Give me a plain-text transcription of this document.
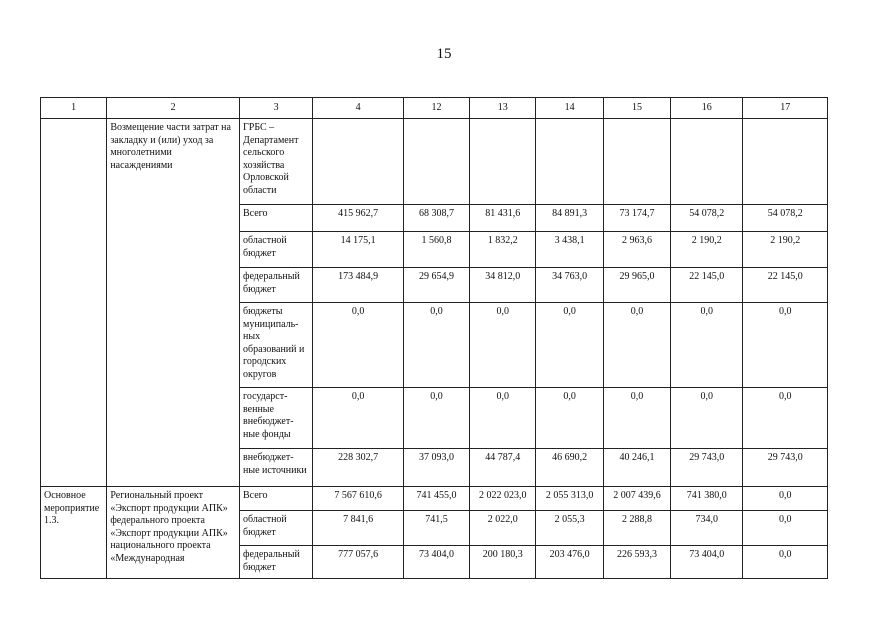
15
1	2	3	4	12	13	14	15	16	17
	Возмещение части затрат на закладку и (или) уход за многолетними насаждениями	ГРБС – Департамент сельского хозяйства Орловской области							
		Всего	415 962,7	68 308,7	81 431,6	84 891,3	73 174,7	54 078,2	54 078,2
		областной бюджет	14 175,1	1 560,8	1 832,2	3 438,1	2 963,6	2 190,2	2 190,2
		федеральный бюджет	173 484,9	29 654,9	34 812,0	34 763,0	29 965,0	22 145,0	22 145,0
		бюджеты муниципаль- ных образований и городских округов	0,0	0,0	0,0	0,0	0,0	0,0	0,0
		государст- венные внебюджет- ные фонды	0,0	0,0	0,0	0,0	0,0	0,0	0,0
		внебюджет- ные источники	228 302,7	37 093,0	44 787,4	46 690,2	40 246,1	29 743,0	29 743,0
Основное мероприятие 1.3.	Региональный проект «Экспорт продукции АПК» федерального проекта «Экспорт продукции АПК» национального проекта «Международная	Всего	7 567 610,6	741 455,0	2 022 023,0	2 055 313,0	2 007 439,6	741 380,0	0,0
		областной бюджет	7 841,6	741,5	2 022,0	2 055,3	2 288,8	734,0	0,0
		федеральный бюджет	777 057,6	73 404,0	200 180,3	203 476,0	226 593,3	73 404,0	0,0
